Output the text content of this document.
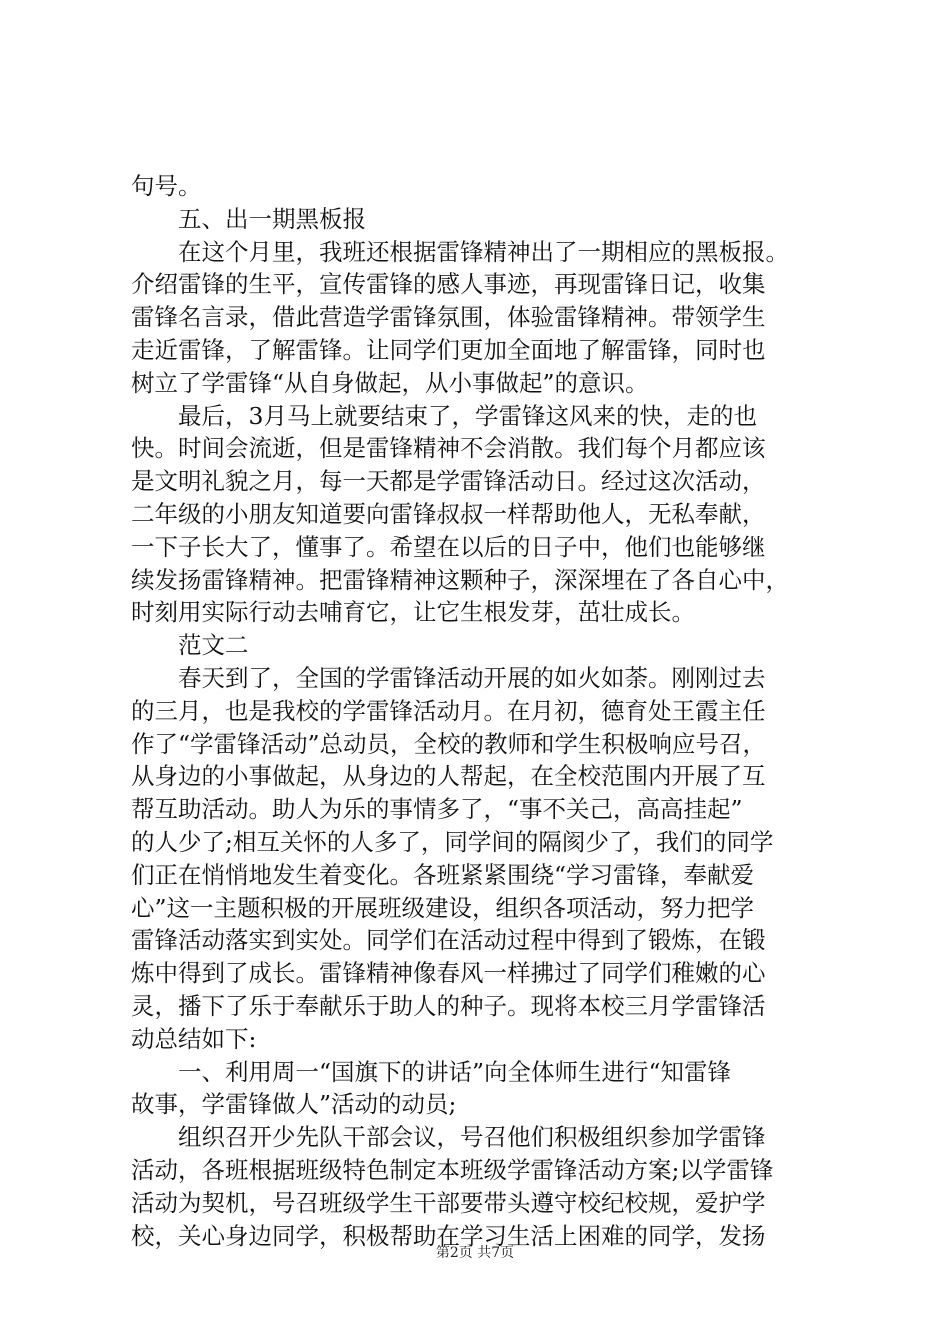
句号。
　　五、出一期黑板报
　　在这个月里，我班还根据雷锋精神出了一期相应的黑板报。
介绍雷锋的生平，宣传雷锋的感人事迹，再现雷锋日记，收集
雷锋名言录，借此营造学雷锋氛围，体验雷锋精神。带领学生
走近雷锋，了解雷锋。让同学们更加全面地了解雷锋，同时也
树立了学雷锋“从自身做起，从小事做起”的意识。
　　最后，3月马上就要结束了，学雷锋这风来的快，走的也
快。时间会流逝，但是雷锋精神不会消散。我们每个月都应该
是文明礼貌之月，每一天都是学雷锋活动日。经过这次活动，
二年级的小朋友知道要向雷锋叔叔一样帮助他人，无私奉献，
一下子长大了，懂事了。希望在以后的日子中，他们也能够继
续发扬雷锋精神。把雷锋精神这颗种子，深深埋在了各自心中，
时刻用实际行动去哺育它，让它生根发芽，茁壮成长。
　　范文二
　　春天到了，全国的学雷锋活动开展的如火如荼。刚刚过去
的三月，也是我校的学雷锋活动月。在月初，德育处王霞主任
作了“学雷锋活动”总动员，全校的教师和学生积极响应号召，
从身边的小事做起，从身边的人帮起，在全校范围内开展了互
帮互助活动。助人为乐的事情多了，“事不关己，高高挂起”
的人少了;相互关怀的人多了，同学间的隔阂少了，我们的同学
们正在悄悄地发生着变化。各班紧紧围绕“学习雷锋，奉献爱
心”这一主题积极的开展班级建设，组织各项活动，努力把学
雷锋活动落实到实处。同学们在活动过程中得到了锻炼，在锻
炼中得到了成长。雷锋精神像春风一样拂过了同学们稚嫩的心
灵，播下了乐于奉献乐于助人的种子。现将本校三月学雷锋活
动总结如下:
　　一、利用周一“国旗下的讲话”向全体师生进行“知雷锋
故事，学雷锋做人”活动的动员;
　　组织召开少先队干部会议，号召他们积极组织参加学雷锋
活动，各班根据班级特色制定本班级学雷锋活动方案;以学雷锋
活动为契机，号召班级学生干部要带头遵守校纪校规，爱护学
校，关心身边同学，积极帮助在学习生活上困难的同学，发扬
第2页 共7页
